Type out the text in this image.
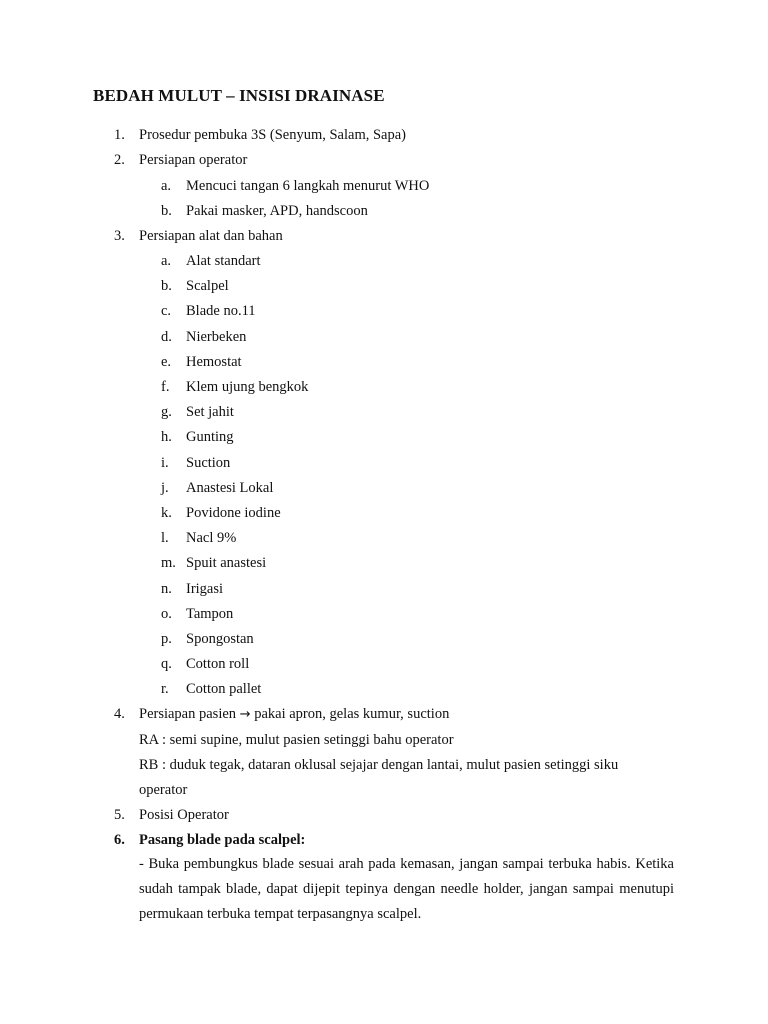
BEDAH MULUT – INSISI DRAINASE
1. Prosedur pembuka 3S (Senyum, Salam, Sapa)
2. Persiapan operator
a. Mencuci tangan 6 langkah menurut WHO
b. Pakai masker, APD, handscoon
3. Persiapan alat dan bahan
a. Alat standart
b. Scalpel
c. Blade no.11
d. Nierbeken
e. Hemostat
f. Klem ujung bengkok
g. Set jahit
h. Gunting
i. Suction
j. Anastesi Lokal
k. Povidone iodine
l. Nacl 9%
m. Spuit anastesi
n. Irigasi
o. Tampon
p. Spongostan
q. Cotton roll
r. Cotton pallet
4. Persiapan pasien → pakai apron, gelas kumur, suction
RA : semi supine, mulut pasien setinggi bahu operator
RB : duduk tegak, dataran oklusal sejajar dengan lantai, mulut pasien setinggi siku
operator
5. Posisi Operator
6. Pasang blade pada scalpel:
- Buka pembungkus blade sesuai arah pada kemasan, jangan sampai terbuka habis. Ketika sudah tampak blade, dapat dijepit tepinya dengan needle holder, jangan sampai menutupi permukaan terbuka tempat terpasangnya scalpel.
